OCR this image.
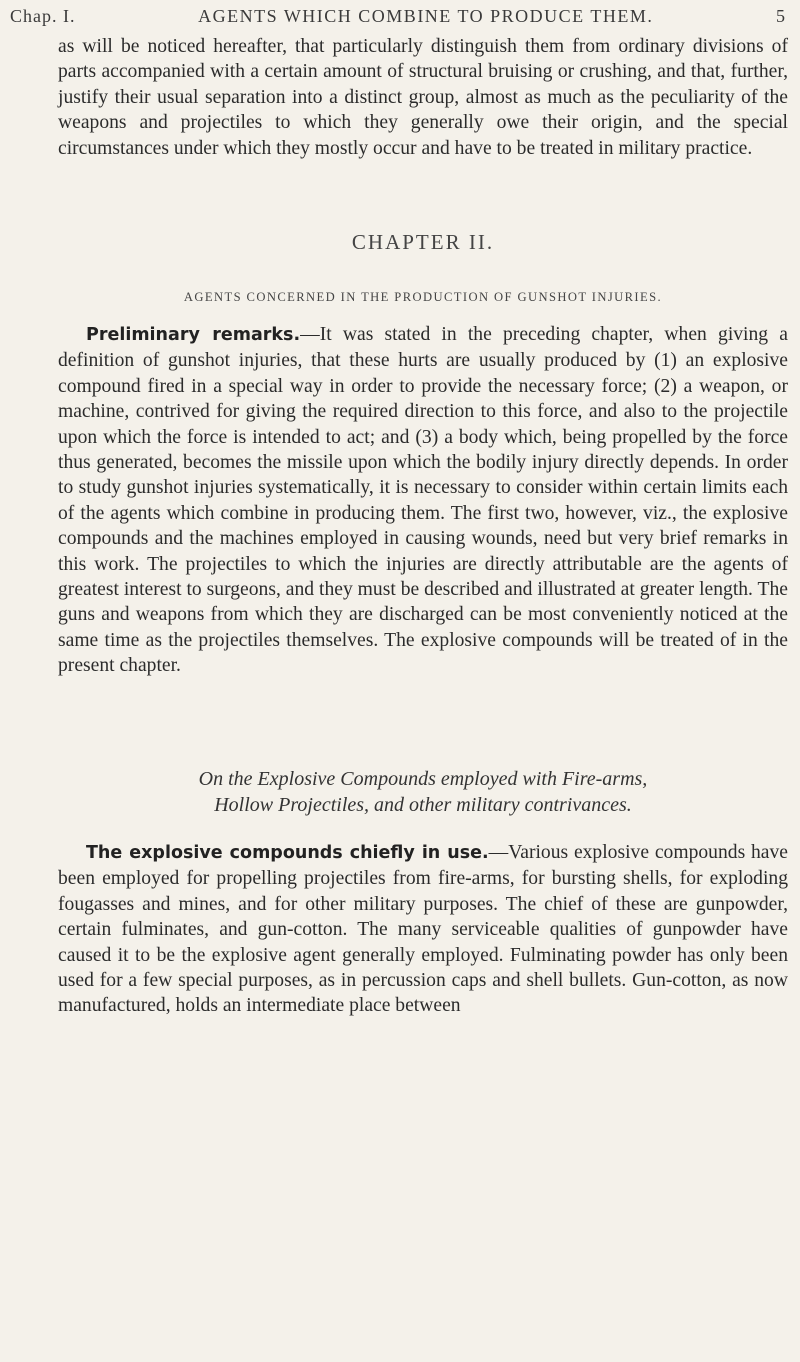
Chap. I.	AGENTS WHICH COMBINE TO PRODUCE THEM.	5

as will be noticed hereafter, that particularly distinguish them from ordinary divisions of parts accompanied with a certain amount of structural bruising or crushing, and that, further, justify their usual separation into a distinct group, almost as much as the peculiarity of the weapons and projectiles to which they generally owe their origin, and the special circumstances under which they mostly occur and have to be treated in military practice.

CHAPTER II.
AGENTS CONCERNED IN THE PRODUCTION OF GUNSHOT INJURIES.

Preliminary remarks.—It was stated in the preceding chapter, when giving a definition of gunshot injuries, that these hurts are usually produced by (1) an explosive compound fired in a special way in order to provide the necessary force; (2) a weapon, or machine, contrived for giving the required direction to this force, and also to the projectile upon which the force is intended to act; and (3) a body which, being propelled by the force thus generated, becomes the missile upon which the bodily injury directly depends. In order to study gunshot injuries systematically, it is necessary to consider within certain limits each of the agents which combine in producing them. The first two, however, viz., the explosive compounds and the machines employed in causing wounds, need but very brief remarks in this work. The projectiles to which the injuries are directly attributable are the agents of greatest interest to surgeons, and they must be described and illustrated at greater length. The guns and weapons from which they are discharged can be most conveniently noticed at the same time as the projectiles themselves. The explosive compounds will be treated of in the present chapter.

On the Explosive Compounds employed with Fire-arms,
Hollow Projectiles, and other military contrivances.

The explosive compounds chiefly in use.—Various explosive compounds have been employed for propelling projectiles from fire-arms, for bursting shells, for exploding fougasses and mines, and for other military purposes. The chief of these are gunpowder, certain fulminates, and gun-cotton. The many serviceable qualities of gunpowder have caused it to be the explosive agent generally employed. Fulminating powder has only been used for a few special purposes, as in percussion caps and shell bullets. Gun-cotton, as now manufactured, holds an intermediate place between
